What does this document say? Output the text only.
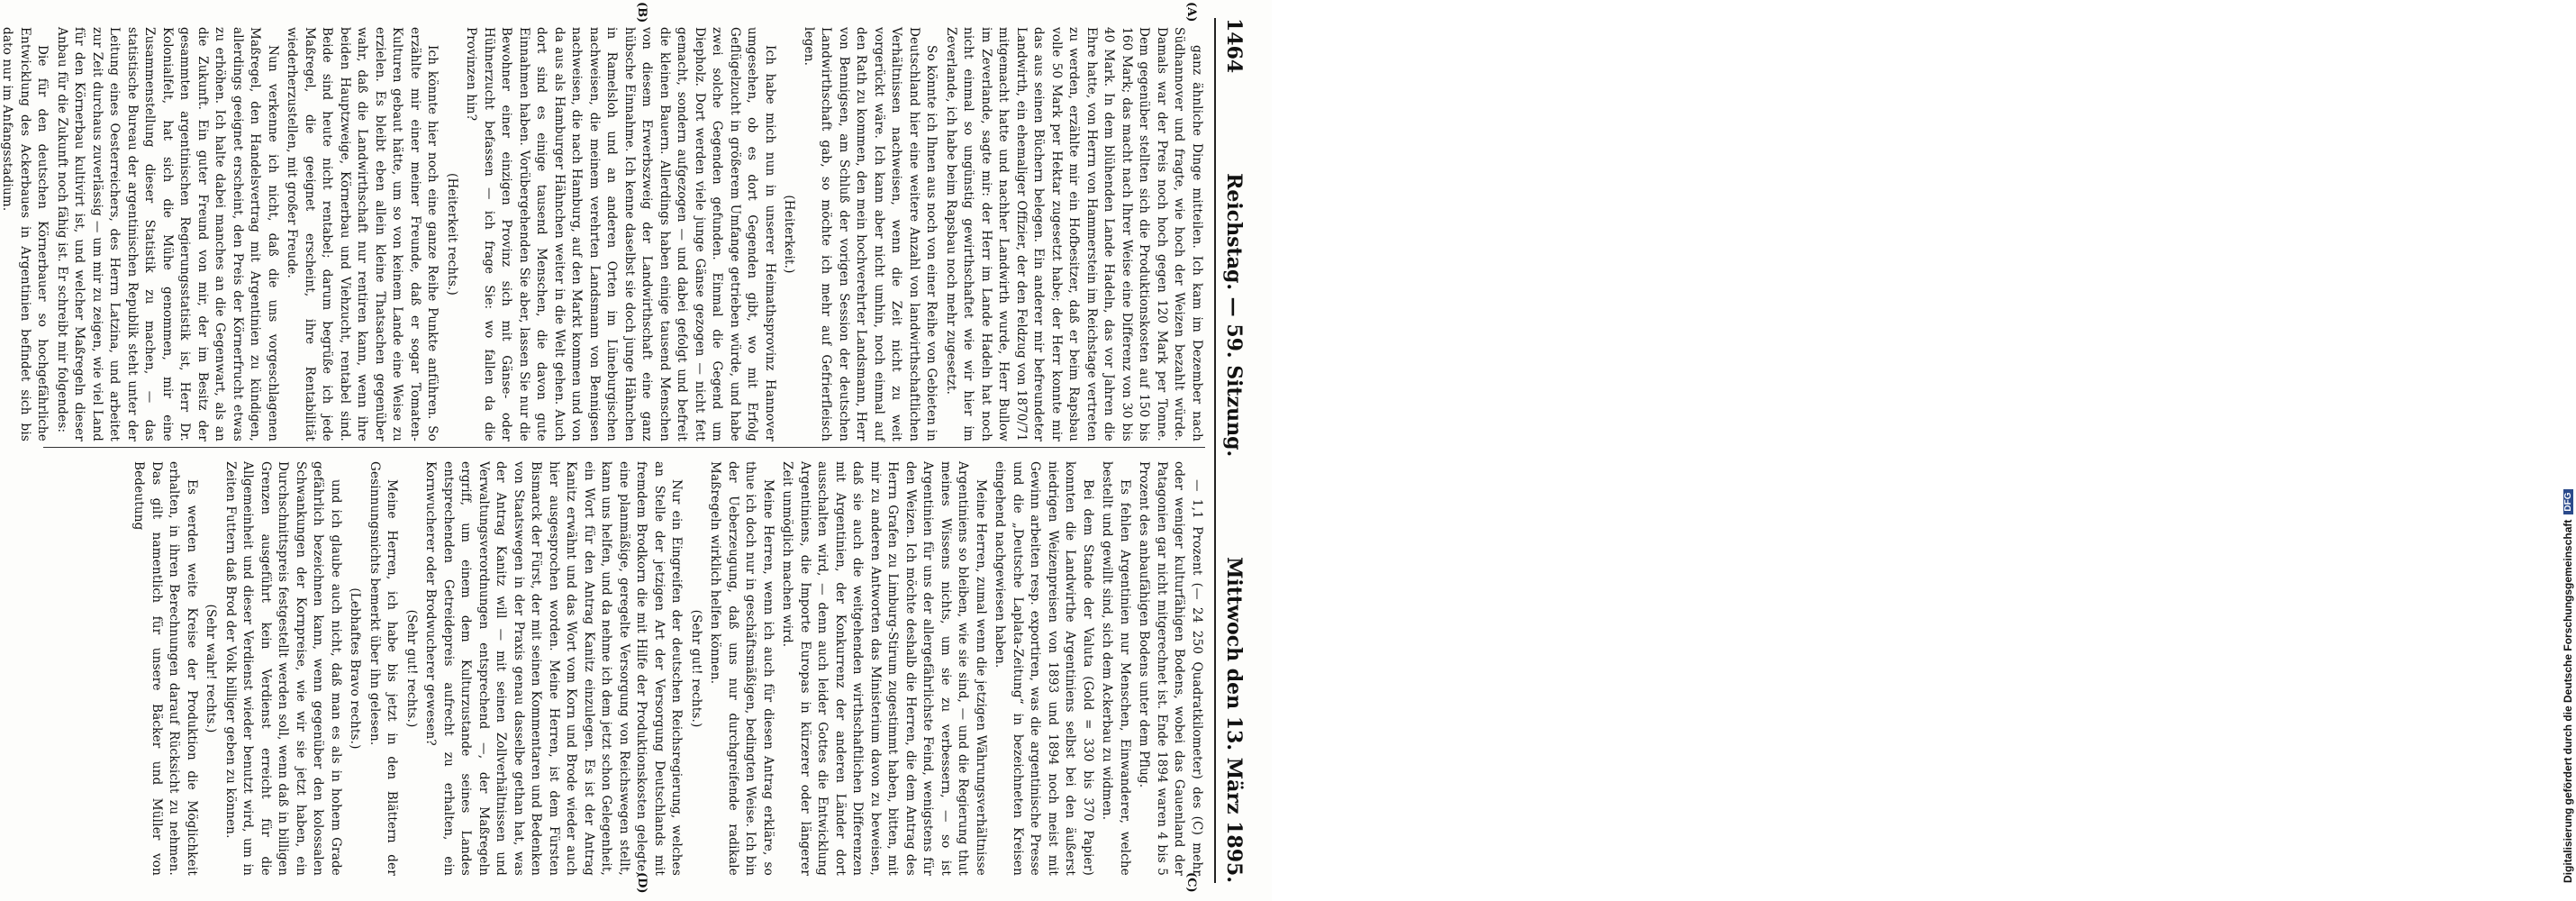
1464
Reichstag. — 59. Sitzung.
Mittwoch den 13. März 1895.
(A)
(B)
(C)
(D)

ganz ähnliche Dinge mitteilen. Ich kam im Dezember nach Südhannover und fragte, wie hoch der Weizen bezahlt würde. Damals war der Preis noch hoch gegen 120 Mark per Tonne. Dem gegenüber stellten sich die Produktionskosten auf 150 bis 160 Mark; das macht nach Ihrer Weise eine Differenz von 30 bis 40 Mark. In dem blühenden Lande Hadeln, das vor Jahren die Ehre hatte, von Herrn von Hammerstein im Reichstage vertreten zu werden, erzählte mir ein Hofbesitzer, daß er beim Rapsbau volle 50 Mark per Hektar zugesetzt habe; der Herr konnte mir das aus seinen Büchern belegen. Ein anderer mir befreundeter Landwirth, ein ehemaliger Offizier, der den Feldzug von 1870/71 mitgemacht hatte und nachher Landwirth wurde, Herr Bullow im Zeverlande, sagte mir: der Herr im Lande Hadeln hat noch nicht einmal so ungünstig gewirthschaftet wie wir hier im Zeverlande, ich habe beim Rapsbau noch mehr zugesetzt.

So könnte ich Ihnen aus noch von einer Reihe von Gebieten in Deutschland hier eine weitere Anzahl von landwirthschaftlichen Verhältnissen nachweisen, wenn die Zeit nicht zu weit vorgerückt wäre. Ich kann aber nicht umhin, noch einmal auf den Rath zu kommen, den mein hochverehrter Landsmann, Herr von Bennigsen, am Schluß der vorigen Session der deutschen Landwirthschaft gab, so möchte ich mehr auf Gefrierfleisch legen.

(Heiterkeit.)

Ich habe mich nun in unserer Heimathsprovinz Hannover umgesehen, ob es dort Gegenden gibt, wo mit Erfolg Geflügelzucht in größerem Umfange getrieben würde, und habe zwei solche Gegenden gefunden. Einmal die Gegend um Diepholz. Dort werden viele junge Gänse gezogen — nicht fett gemacht, sondern aufgezogen — und dabei gefolgt und befreit die kleinen Bauern. Allerdings haben einige tausend Menschen von diesem Erwerbszweig der Landwirthschaft eine ganz hübsche Einnahme. Ich kenne daselbst sie doch junge Hähnchen in Ramelsloh und an anderen Orten im Lüneburgischen nachweisen, die meinem verehrten Landsmann von Bennigsen nachweisen, die nach Hamburg, auf den Markt kommen und von da aus als Hamburger Hähnchen weiter in die Welt gehen. Auch dort sind es einige tausend Menschen, die davon gute Einnahmen haben. Vorübergehenden Sie aber, lassen Sie nur die Bewohner einer einzigen Provinz sich mit Gänse- oder Hühnerzucht befassen — ich frage Sie: wo fallen da die Provinzen hin?

(Heiterkeit rechts.)

Ich könnte hier noch eine ganze Reihe Punkte anführen. So erzählte mir einer meiner Freunde, daß er sogar Tomaten-Kulturen gebaut hätte, um so von keinem Lande eine Weise zu erzielen. Es bleibt eben allein kleine Thatsachen gegenüber wahr, daß die Landwirthschaft nur rentiren kann, wenn ihre beiden Hauptzweige, Körnerbau und Viehzucht, rentabel sind. Beide sind heute nicht rentabel; darum begrüße ich jede Maßregel, die geeignet erscheint, ihre Rentabilität wiederherzustellen, mit großer Freude.

Nun verkenne ich nicht, daß die uns vorgeschlagenen Maßregel, den Handelsvertrag mit Argentinien zu kündigen, allerdings geeignet erscheint, den Preis der Körnerfrucht etwas zu erhöhen. Ich halte dabei manches an die Gegenwart, als an die Zukunft. Ein guter Freund von mir, der im Besitz der gesammten argentinischen Regierungsstatistik ist, Herr Dr. Kolonialfelt, hat sich die Mühe genommen, mir eine Zusammenstellung dieser Statistik zu machen, — das statistische Bureau der argentinischen Republik steht unter der Leitung eines Oesterreichers, des Herrn Latzina, und arbeitet zur Zeit durchaus zuverlässig — um mir zu zeigen, wie viel Land für den Körnerbau kultivirt ist, und welcher Maßregeln dieser Anbau für die Zukunft noch fähig ist. Er schreibt mir folgendes:

Die für den deutschen Körnerbauer so hochgefährliche Entwicklung des Ackerbaues in Argentinien befindet sich bis dato nur im Anfangsstadium.

— 1,1 Prozent (— 24 250 Quadratkilometer) des (C) mehr oder weniger kulturfähigen Bodens, wobei das Gauenland der Patagonien gar nicht mitgerechnet ist. Ende 1894 waren 4 bis 5 Prozent des anbaufähigen Bodens unter dem Pflug.

Es fehlen Argentinien nur Menschen, Einwanderer, welche bestellt und gewillt sind, sich dem Ackerbau zu widmen.

Bei dem Stande der Valuta (Gold = 330 bis 370 Papier) konnten die Landwirthe Argentiniens selbst bei den äußerst niedrigen Weizenpreisen von 1893 und 1894 noch meist mit Gewinn arbeiten resp. exportiren, was die argentinische Presse und die „Deutsche Laplata-Zeitung“ in bezeichneten Kreisen eingehend nachgewiesen haben.

Meine Herren, zumal wenn die jetzigen Währungsverhältnisse Argentiniens so bleiben, wie sie sind, — und die Regierung thut meines Wissens nichts, um sie zu verbessern, — so ist Argentinien für uns der allergefährlichste Feind, wenigstens für den Weizen. Ich möchte deshalb die Herren, die dem Antrag des Herrn Grafen zu Limburg-Stirum zugestimmt haben, bitten, mit mir zu anderen Antworten das Ministerium davon zu beweisen, daß sie auch die weitgehenden wirthschaftlichen Differenzen mit Argentinien, der Konkurrenz der anderen Länder dort ausschalten wird, — denn auch leider Gottes die Entwicklung Argentiniens, die Importe Europas in kürzerer oder längerer Zeit unmöglich machen wird.

Meine Herren, wenn ich auch für diesen Antrag erkläre, so thue ich doch nur in geschäftsmäßigen, bedingten Weise. Ich bin der Ueberzeugung, daß uns nur durchgreifende radikale Maßregeln wirklich helfen können.

(Sehr gut! rechts.)

Nur ein Eingreifen der deutschen Reichsregierung, welches an Stelle der jetzigen Art der Versorgung Deutschlands mit fremdem Brodkorn die mit Hilfe der Produktionskosten gelegte, eine planmäßige, geregelte Versorgung von Reichswegen stellt, kann uns helfen, und da nehme ich dem jetzt schon Gelegenheit, ein Wort für den Antrag Kanitz einzulegen. Es ist der Antrag Kanitz erwähnt und das Wort vom Korn und Brode wieder auch hier ausgesprochen worden. Meine Herren, ist dem Fürsten Bismarck der Fürst, der mit seinen Kommentaren und Bedenken von Staatswegen in der Praxis genau dasselbe gethan hat, was der Antrag Kanitz will — mit seinen Zollverhältnissen und Verwaltungsverordnungen entsprechend —, der Maßregeln ergriff, um einem dem Kulturzustande seines Landes entsprechenden Getreidepreis aufrecht zu erhalten, ein Kornwucherer oder Brodwucherer gewesen?

(Sehr gut! rechts.)

Meine Herren, ich habe bis jetzt in den Blättern der Gesinnungsnichts bemerkt über ihn gelesen.

(Lebhaftes Bravo rechts.)

und ich glaube auch nicht, daß man es als in hohem Grade gefährlich bezeichnen kann, wenn gegenüber den kolossalen Schwankungen der Kornpreise, wie wir sie jetzt haben, ein Durchschnittspreis festgestellt werden soll, wenn daß in billigen Grenzen ausgeführt kein Verdienst erreicht für die Allgemeinheit und dieser Verdienst wieder benutzt wird, um in Zeiten Futtern daß Brod der Volk billiger geben zu können.

(Sehr wahr! rechts.)

Es werden weite Kreise der Produktion die Möglichkeit erhalten, in ihren Berechnungen darauf Rücksicht zu nehmen. Das gilt namentlich für unsere Bäcker und Müller von Bedeutung

Digitalisierung gefördert durch die Deutsche Forschungsgemeinschaft
DFG
